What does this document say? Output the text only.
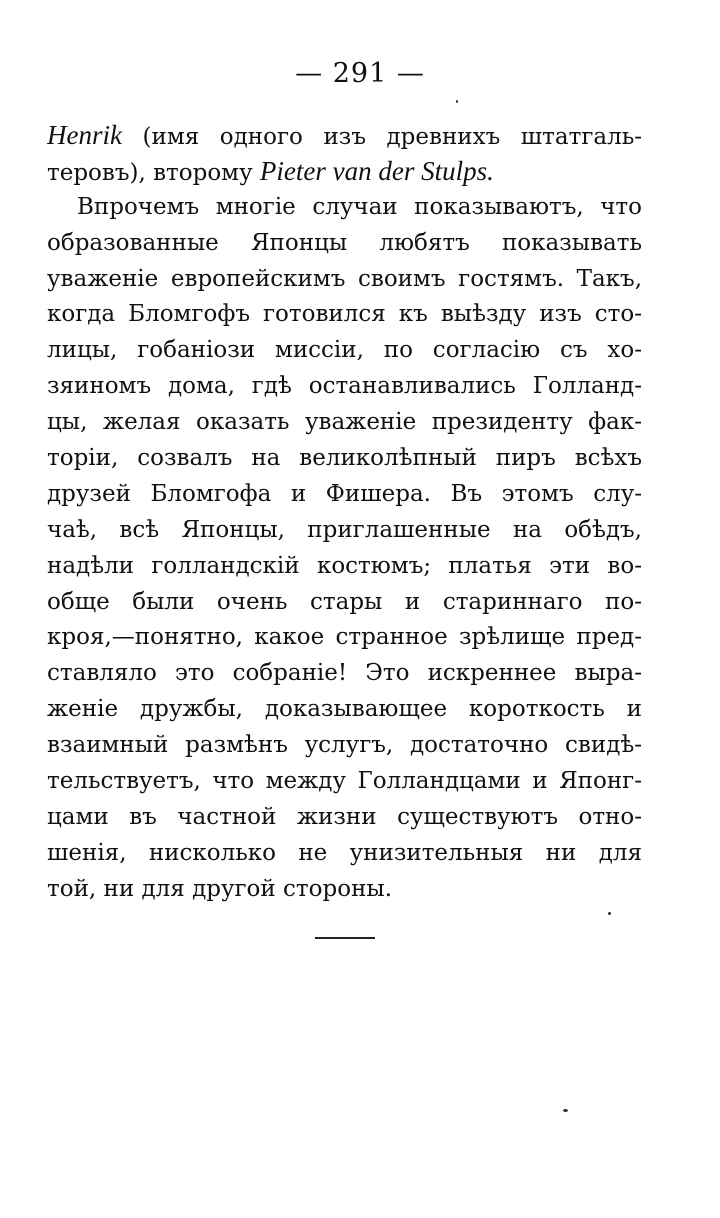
— 291 —
Henrik (имя одного изъ древнихъ штатгаль-
теровъ), второму Pieter van der Stulps.
Впрочемъ многіе случаи показываютъ, что
образованные Японцы любятъ показывать
уваженіе европейскимъ своимъ гостямъ. Такъ,
когда Бломгофъ готовился къ выѣзду изъ сто-
лицы, гобаніози миссіи, по согласію съ хо-
зяиномъ дома, гдѣ останавливались Голланд-
цы, желая оказать уваженіе президенту фак-
торіи, созвалъ на великолѣпный пиръ всѣхъ
друзей Бломгофа и Фишера. Въ этомъ слу-
чаѣ, всѣ Японцы, приглашенные на обѣдъ,
надѣли голландскій костюмъ; платья эти во-
обще были очень стары и стариннаго по-
кроя,—понятно, какое странное зрѣлище пред-
ставляло это собраніе! Это искреннее выра-
женіе дружбы, доказывающее короткость и
взаимный размѣнъ услугъ, достаточно свидѣ-
тельствуетъ, что между Голландцами и Японг-
цами въ частной жизни существуютъ отно-
шенія, нисколько не унизительныя ни для
той, ни для другой стороны.
